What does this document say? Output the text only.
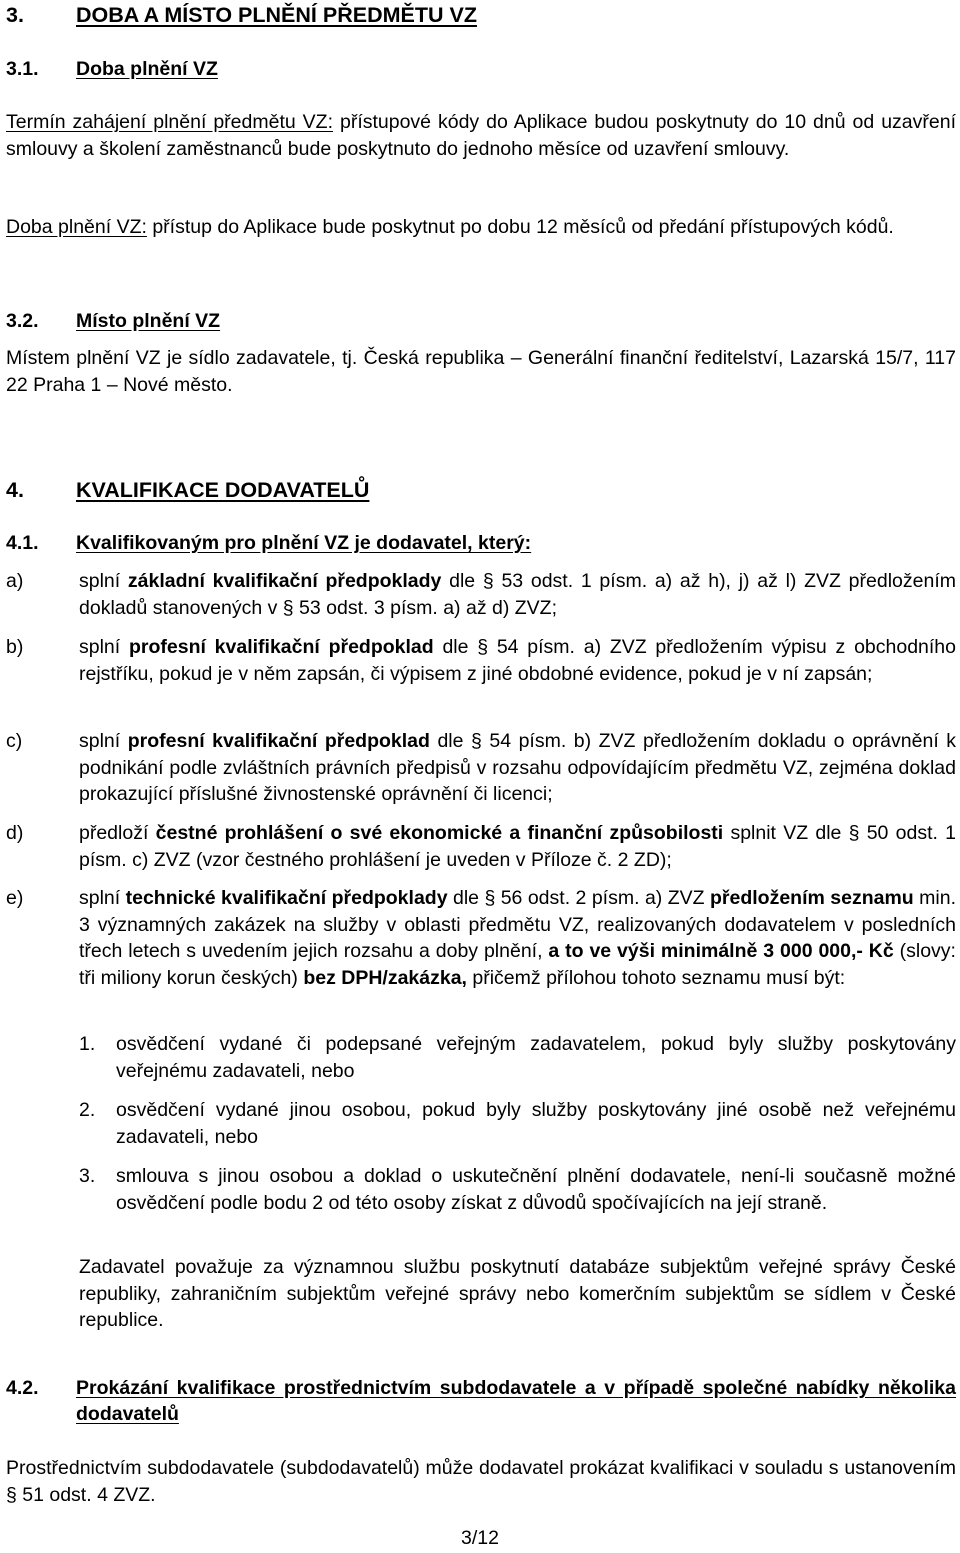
3. DOBA A MÍSTO PLNĚNÍ PŘEDMĚTU VZ
3.1. Doba plnění VZ
Termín zahájení plnění předmětu VZ: přístupové kódy do Aplikace budou poskytnuty do 10 dnů od uzavření smlouvy a školení zaměstnanců bude poskytnuto do jednoho měsíce od uzavření smlouvy.
Doba plnění VZ: přístup do Aplikace bude poskytnut po dobu 12 měsíců od předání přístupových kódů.
3.2. Místo plnění VZ
Místem plnění VZ je sídlo zadavatele, tj. Česká republika – Generální finanční ředitelství, Lazarská 15/7, 117 22 Praha 1 – Nové město.
4. KVALIFIKACE DODAVATELŮ
4.1. Kvalifikovaným pro plnění VZ je dodavatel, který:
a)	splní základní kvalifikační předpoklady dle § 53 odst. 1 písm. a) až h), j) až l) ZVZ předložením dokladů stanovených v § 53 odst. 3 písm. a) až d) ZVZ;
b)	splní profesní kvalifikační předpoklad dle § 54 písm. a) ZVZ předložením výpisu z obchodního rejstříku, pokud je v něm zapsán, či výpisem z jiné obdobné evidence, pokud je v ní zapsán;
c)	splní profesní kvalifikační předpoklad dle § 54 písm. b) ZVZ předložením dokladu o oprávnění k podnikání podle zvláštních právních předpisů v rozsahu odpovídajícím předmětu VZ, zejména doklad prokazující příslušné živnostenské oprávnění či licenci;
d)	předloží čestné prohlášení o své ekonomické a finanční způsobilosti splnit VZ dle § 50 odst. 1 písm. c) ZVZ (vzor čestného prohlášení je uveden v Příloze č. 2 ZD);
e)	splní technické kvalifikační předpoklady dle § 56 odst. 2 písm. a) ZVZ předložením seznamu min. 3 významných zakázek na služby v oblasti předmětu VZ, realizovaných dodavatelem v posledních třech letech s uvedením jejich rozsahu a doby plnění, a to ve výši minimálně 3 000 000,- Kč (slovy: tři miliony korun českých) bez DPH/zakázka, přičemž přílohou tohoto seznamu musí být:
1. osvědčení vydané či podepsané veřejným zadavatelem, pokud byly služby poskytovány veřejnému zadavateli, nebo
2. osvědčení vydané jinou osobou, pokud byly služby poskytovány jiné osobě než veřejnému zadavateli, nebo
3. smlouva s jinou osobou a doklad o uskutečnění plnění dodavatele, není-li současně možné osvědčení podle bodu 2 od této osoby získat z důvodů spočívajících na její straně.
Zadavatel považuje za významnou službu poskytnutí databáze subjektům veřejné správy České republiky, zahraničním subjektům veřejné správy nebo komerčním subjektům se sídlem v České republice.
4.2. Prokázání kvalifikace prostřednictvím subdodavatele a v případě společné nabídky několika dodavatelů
Prostřednictvím subdodavatele (subdodavatelů) může dodavatel prokázat kvalifikaci v souladu s ustanovením § 51 odst. 4 ZVZ.
3/12
